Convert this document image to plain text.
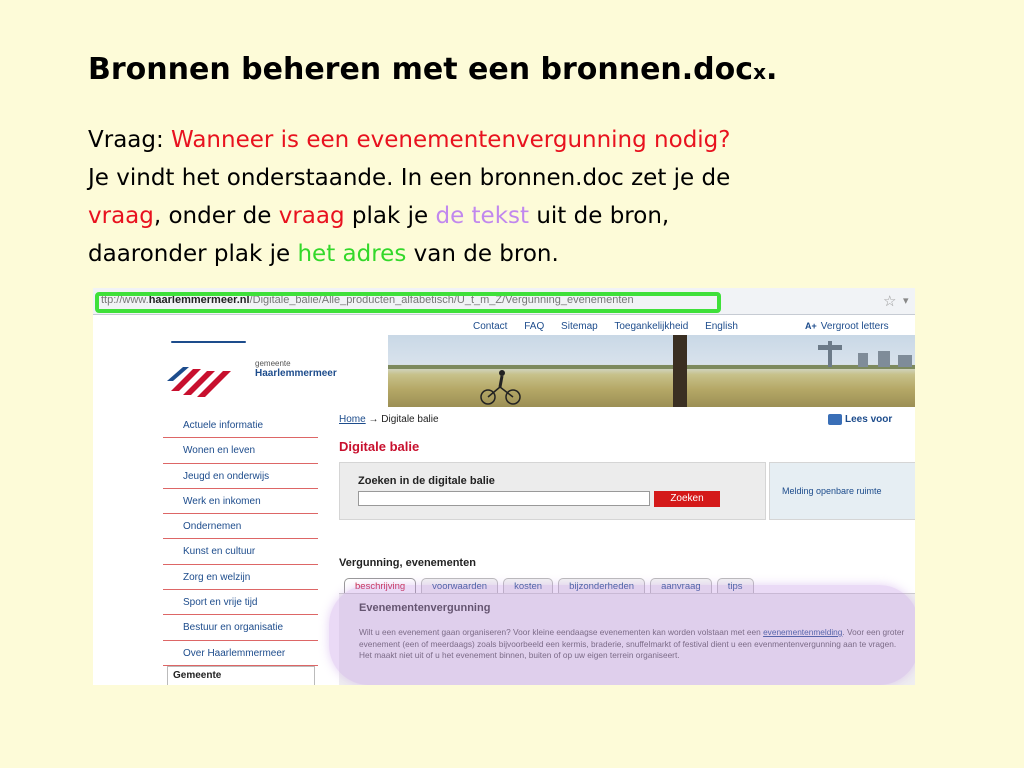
Bronnen beheren met een bronnen.docx.
Vraag: Wanneer is een evenementenvergunning nodig?
Je vindt het onderstaande. In een bronnen.doc zet je de
vraag, onder de vraag plak je de tekst uit de bron,
daaronder plak je het adres van de bron.
ttp://www.haarlemmermeer.nl/Digitale_balie/Alle_producten_alfabetisch/U_t_m_Z/Vergunning_evenementen	☆ ▾
Contact FAQ Sitemap Toegankelijkheid English	A+ Vergroot letters
gemeente
Haarlemmermeer
Actuele informatie
Wonen en leven
Jeugd en onderwijs
Werk en inkomen
Ondernemen
Kunst en cultuur
Zorg en welzijn
Sport en vrije tijd
Bestuur en organisatie
Over Haarlemmermeer
Gemeente
Home → Digitale balie	Lees voor
Digitale balie
Zoeken in de digitale balie
Zoeken
Melding openbare ruimte
Vergunning, evenementen
beschrijving	voorwaarden	kosten	bijzonderheden	aanvraag	tips
Evenementenvergunning
Wilt u een evenement gaan organiseren? Voor kleine eendaagse evenementen kan worden volstaan met een evenementenmelding. Voor een groter evenement (een of meerdaags) zoals bijvoorbeeld een kermis, braderie, snuffelmarkt of festival dient u een evenmentenvergunning aan te vragen. Het maakt niet uit of u het evenement binnen, buiten of op uw eigen terrein organiseert.
